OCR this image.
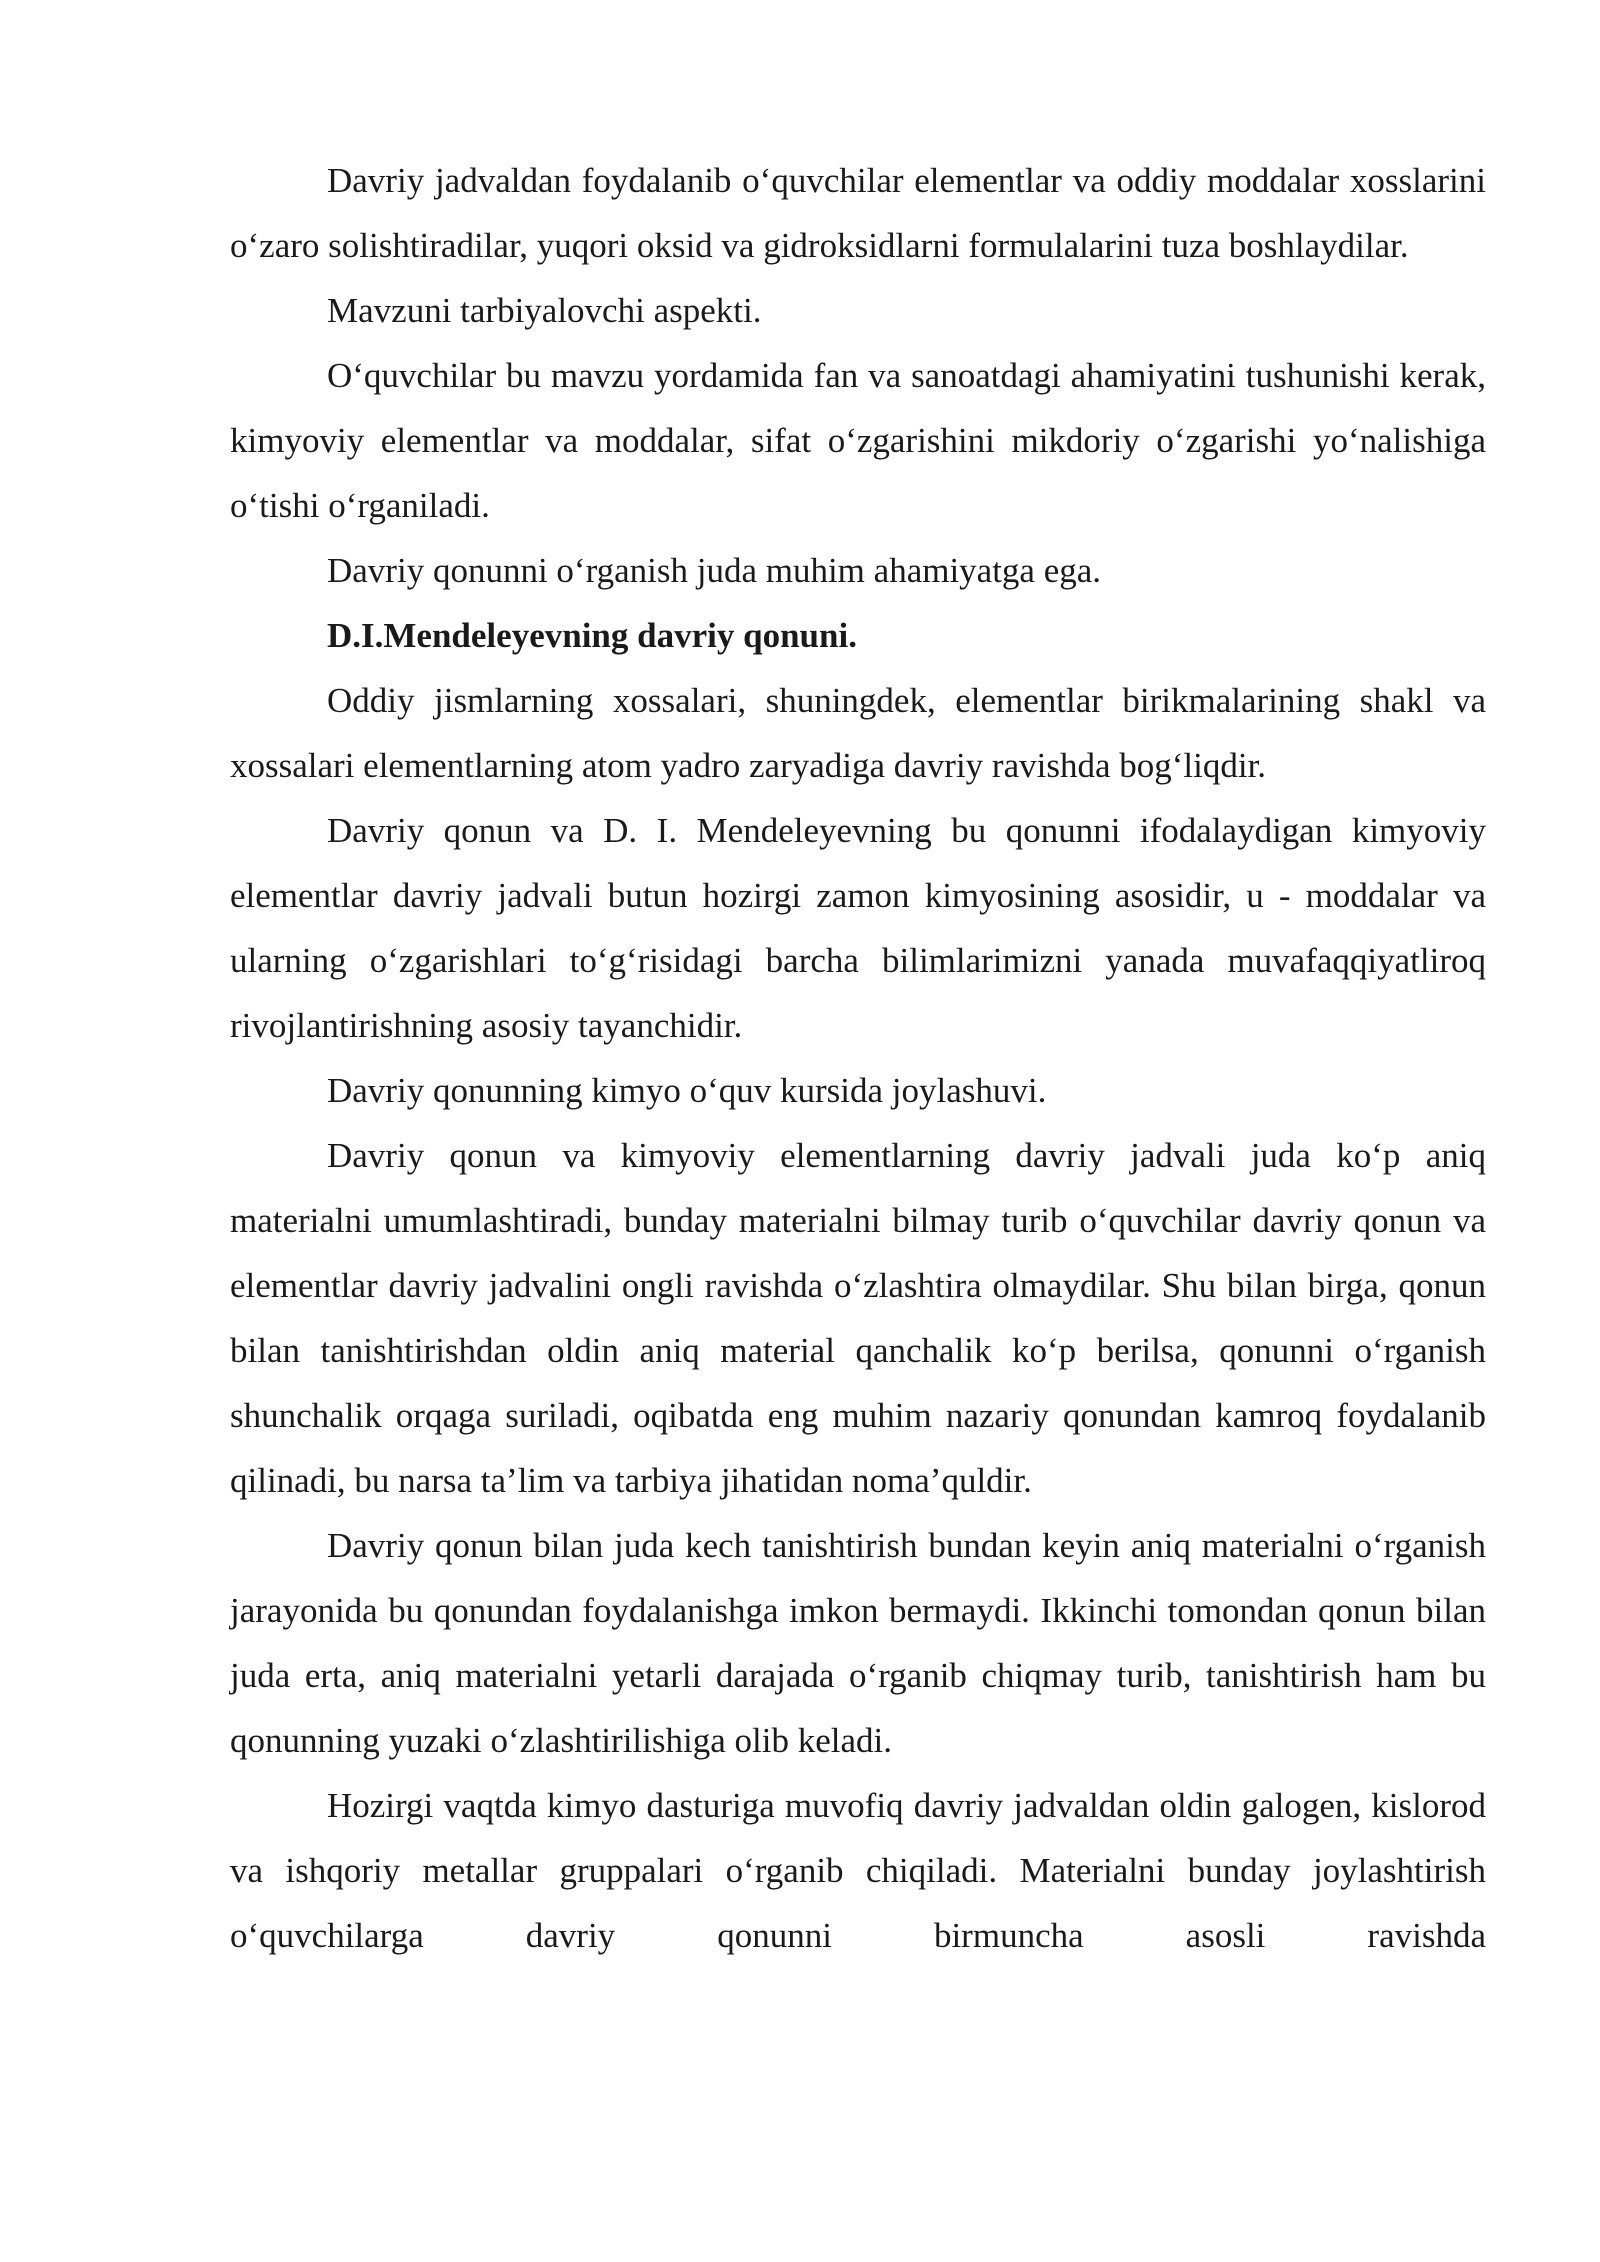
Davriy jadvaldan foydalanib o‘quvchilar elementlar va oddiy moddalar xosslarini o‘zaro solishtiradilar, yuqori oksid va gidroksidlarni formulalarini tuza boshlaydilar.

Mavzuni tarbiyalovchi aspekti.

O‘quvchilar bu mavzu yordamida fan va sanoatdagi ahamiyatini tushunishi kerak, kimyoviy elementlar va moddalar, sifat o‘zgarishini mikdoriy o‘zgarishi yo‘nalishiga o‘tishi o‘rganiladi.

Davriy qonunni o‘rganish juda muhim ahamiyatga ega.

D.I.Mendeleyevning davriy qonuni.

Oddiy jismlarning xossalari, shuningdek, elementlar birikmalarining shakl va xossalari elementlarning atom yadro zaryadiga davriy ravishda bog‘liqdir.

Davriy qonun va D. I. Mendeleyevning bu qonunni ifodalaydigan kimyoviy elementlar davriy jadvali butun hozirgi zamon kimyosining asosidir, u - moddalar va ularning o‘zgarishlari to‘g‘risidagi barcha bilimlarimizni yanada muvafaqqiyatliroq rivojlantirishning asosiy tayanchidir.

Davriy qonunning kimyo o‘quv kursida joylashuvi.

Davriy qonun va kimyoviy elementlarning davriy jadvali juda ko‘p aniq materialni umumlashtiradi, bunday materialni bilmay turib o‘quvchilar davriy qonun va elementlar davriy jadvalini ongli ravishda o‘zlashtira olmaydilar. Shu bilan birga, qonun bilan tanishtirishdan oldin aniq material qanchalik ko‘p berilsa, qonunni o‘rganish shunchalik orqaga suriladi, oqibatda eng muhim nazariy qonundan kamroq foydalanib qilinadi, bu narsa ta’lim va tarbiya jihatidan noma’quldir.

Davriy qonun bilan juda kech tanishtirish bundan keyin aniq materialni o‘rganish jarayonida bu qonundan foydalanishga imkon bermaydi. Ikkinchi tomondan qonun bilan juda erta, aniq materialni yetarli darajada o‘rganib chiqmay turib, tanishtirish ham bu qonunning yuzaki o‘zlashtirilishiga olib keladi.

Hozirgi vaqtda kimyo dasturiga muvofiq davriy jadvaldan oldin galogen, kislorod va ishqoriy metallar gruppalari o‘rganib chiqiladi. Materialni bunday joylashtirish o‘quvchilarga davriy qonunni birmuncha asosli ravishda
